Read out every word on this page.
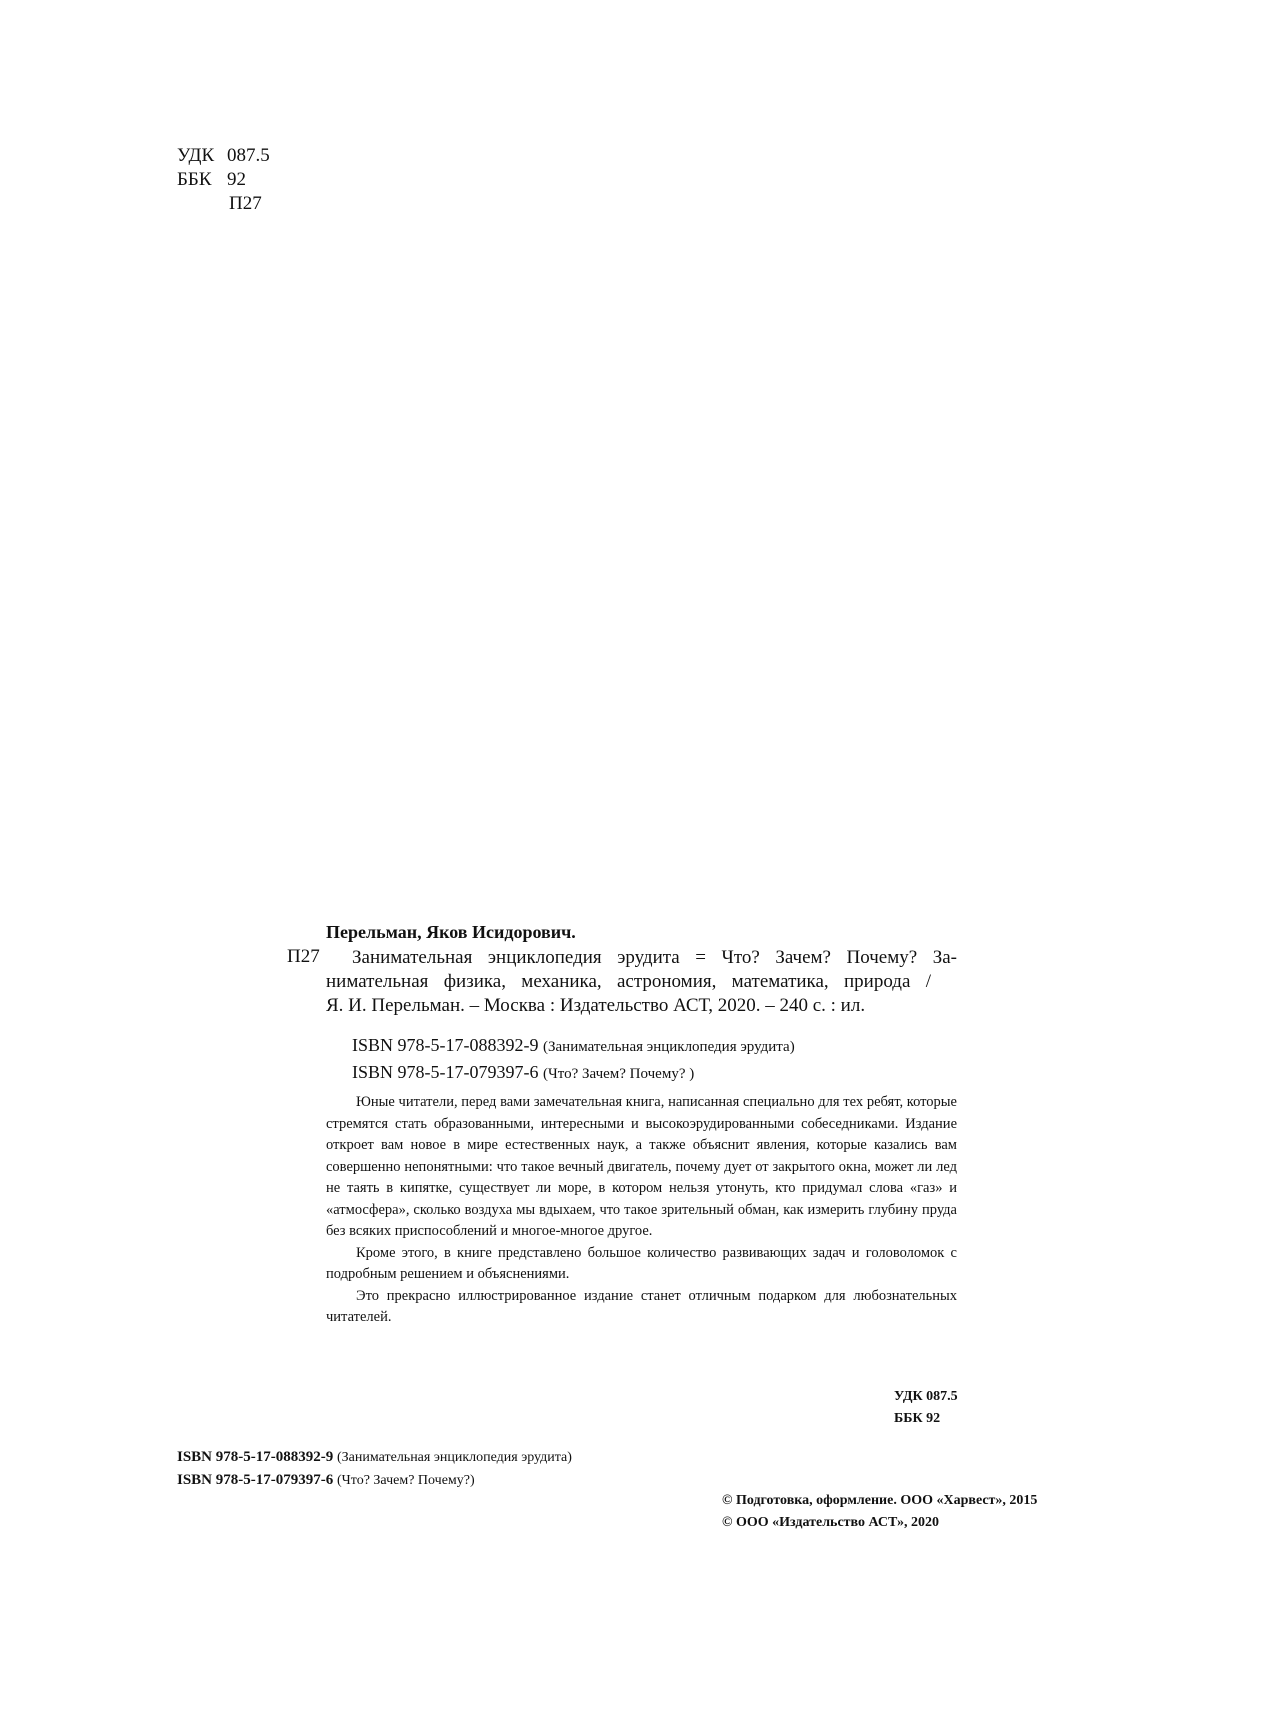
УДК 087.5
ББК 92
П27
Перельман, Яков Исидорович.
П27 Занимательная энциклопедия эрудита = Что? Зачем? Почему? За-
нимательная физика, механика, астрономия, математика, природа /
Я. И. Перельман. – Москва : Издательство АСТ, 2020. – 240 с. : ил.
ISBN 978-5-17-088392-9 (Занимательная энциклопедия эрудита)
ISBN 978-5-17-079397-6 (Что? Зачем? Почему? )

Юные читатели, перед вами замечательная книга, написанная специально для тех ребят, которые стремятся стать образованными, интересными и высокоэрудированными собеседниками. Издание откроет вам новое в мире естественных наук, а также объяснит явления, которые казались вам совершенно непонятными: что такое вечный двигатель, почему дует от закрытого окна, может ли лед не таять в кипятке, существует ли море, в котором нельзя утонуть, кто придумал слова «газ» и «атмосфера», сколько воздуха мы вдыхаем, что такое зрительный обман, как измерить глубину пруда без всяких приспособлений и многое-многое другое.

Кроме этого, в книге представлено большое количество развивающих задач и головоломок с подробным решением и объяснениями.

Это прекрасно иллюстрированное издание станет отличным подарком для любознательных читателей.

УДК 087.5
ББК 92
ISBN 978-5-17-088392-9 (Занимательная энциклопедия эрудита)
ISBN 978-5-17-079397-6 (Что? Зачем? Почему?)
© Подготовка, оформление. ООО «Харвест», 2015
© ООО «Издательство АСТ», 2020
